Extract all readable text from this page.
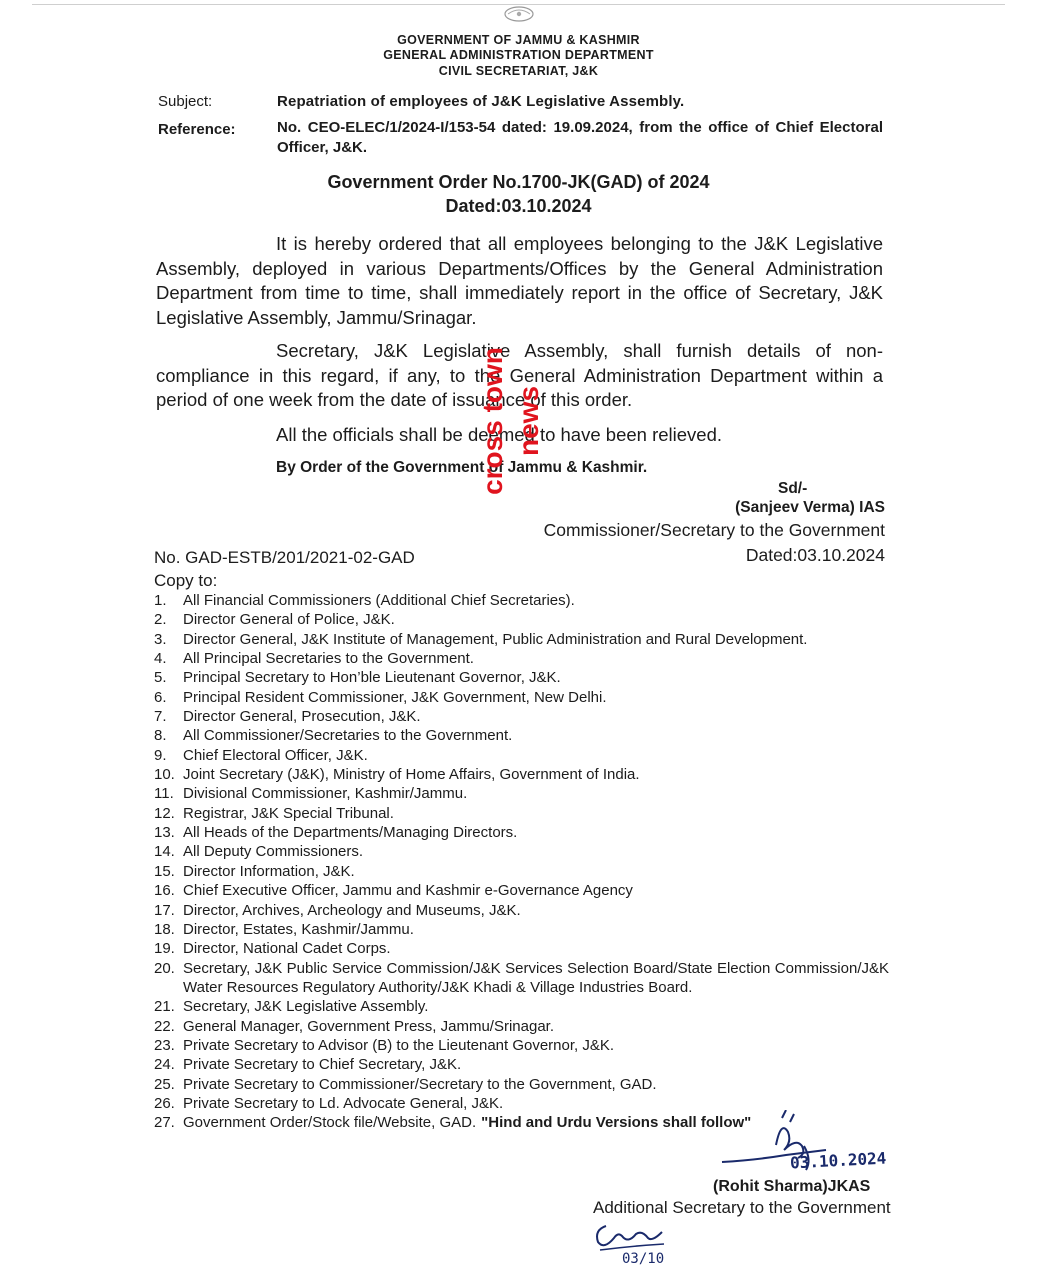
GOVERNMENT OF JAMMU & KASHMIR
GENERAL ADMINISTRATION DEPARTMENT
CIVIL SECRETARIAT, J&K
Subject:	Repatriation of employees of J&K Legislative Assembly.
Reference:	No. CEO-ELEC/1/2024-I/153-54 dated: 19.09.2024, from the office of Chief Electoral Officer, J&K.
Government Order No.1700-JK(GAD) of 2024
Dated:03.10.2024
It is hereby ordered that all employees belonging to the J&K Legislative Assembly, deployed in various Departments/Offices by the General Administration Department from time to time, shall immediately report in the office of Secretary, J&K Legislative Assembly, Jammu/Srinagar.
Secretary, J&K Legislative Assembly, shall furnish details of non-compliance in this regard, if any, to the General Administration Department within a period of one week from the date of issuance of this order.
All the officials shall be deemed to have been relieved.
By Order of the Government of Jammu & Kashmir.
cross town news
Sd/-
(Sanjeev Verma) IAS
Commissioner/Secretary to the Government
Dated:03.10.2024
No. GAD-ESTB/201/2021-02-GAD
Copy to:
1.	All Financial Commissioners (Additional Chief Secretaries).
2.	Director General of Police, J&K.
3.	Director General, J&K Institute of Management, Public Administration and Rural Development.
4.	All Principal Secretaries to the Government.
5.	Principal Secretary to Hon’ble Lieutenant Governor, J&K.
6.	Principal Resident Commissioner, J&K Government, New Delhi.
7.	Director General, Prosecution, J&K.
8.	All Commissioner/Secretaries to the Government.
9.	Chief Electoral Officer, J&K.
10. Joint Secretary (J&K), Ministry of Home Affairs, Government of India.
11. Divisional Commissioner, Kashmir/Jammu.
12. Registrar, J&K Special Tribunal.
13. All Heads of the Departments/Managing Directors.
14. All Deputy Commissioners.
15. Director Information, J&K.
16. Chief Executive Officer, Jammu and Kashmir e-Governance Agency
17. Director, Archives, Archeology and Museums, J&K.
18. Director, Estates, Kashmir/Jammu.
19. Director, National Cadet Corps.
20. Secretary, J&K Public Service Commission/J&K Services Selection Board/State Election Commission/J&K Water Resources Regulatory Authority/J&K Khadi & Village Industries Board.
21. Secretary, J&K Legislative Assembly.
22. General Manager, Government Press, Jammu/Srinagar.
23. Private Secretary to Advisor (B) to the Lieutenant Governor, J&K.
24. Private Secretary to Chief Secretary, J&K.
25. Private Secretary to Commissioner/Secretary to the Government, GAD.
26. Private Secretary to Ld. Advocate General, J&K.
27. Government Order/Stock file/Website, GAD. "Hind and Urdu Versions shall follow"
03.10.2024
(Rohit Sharma)JKAS
Additional Secretary to the Government
03/10
